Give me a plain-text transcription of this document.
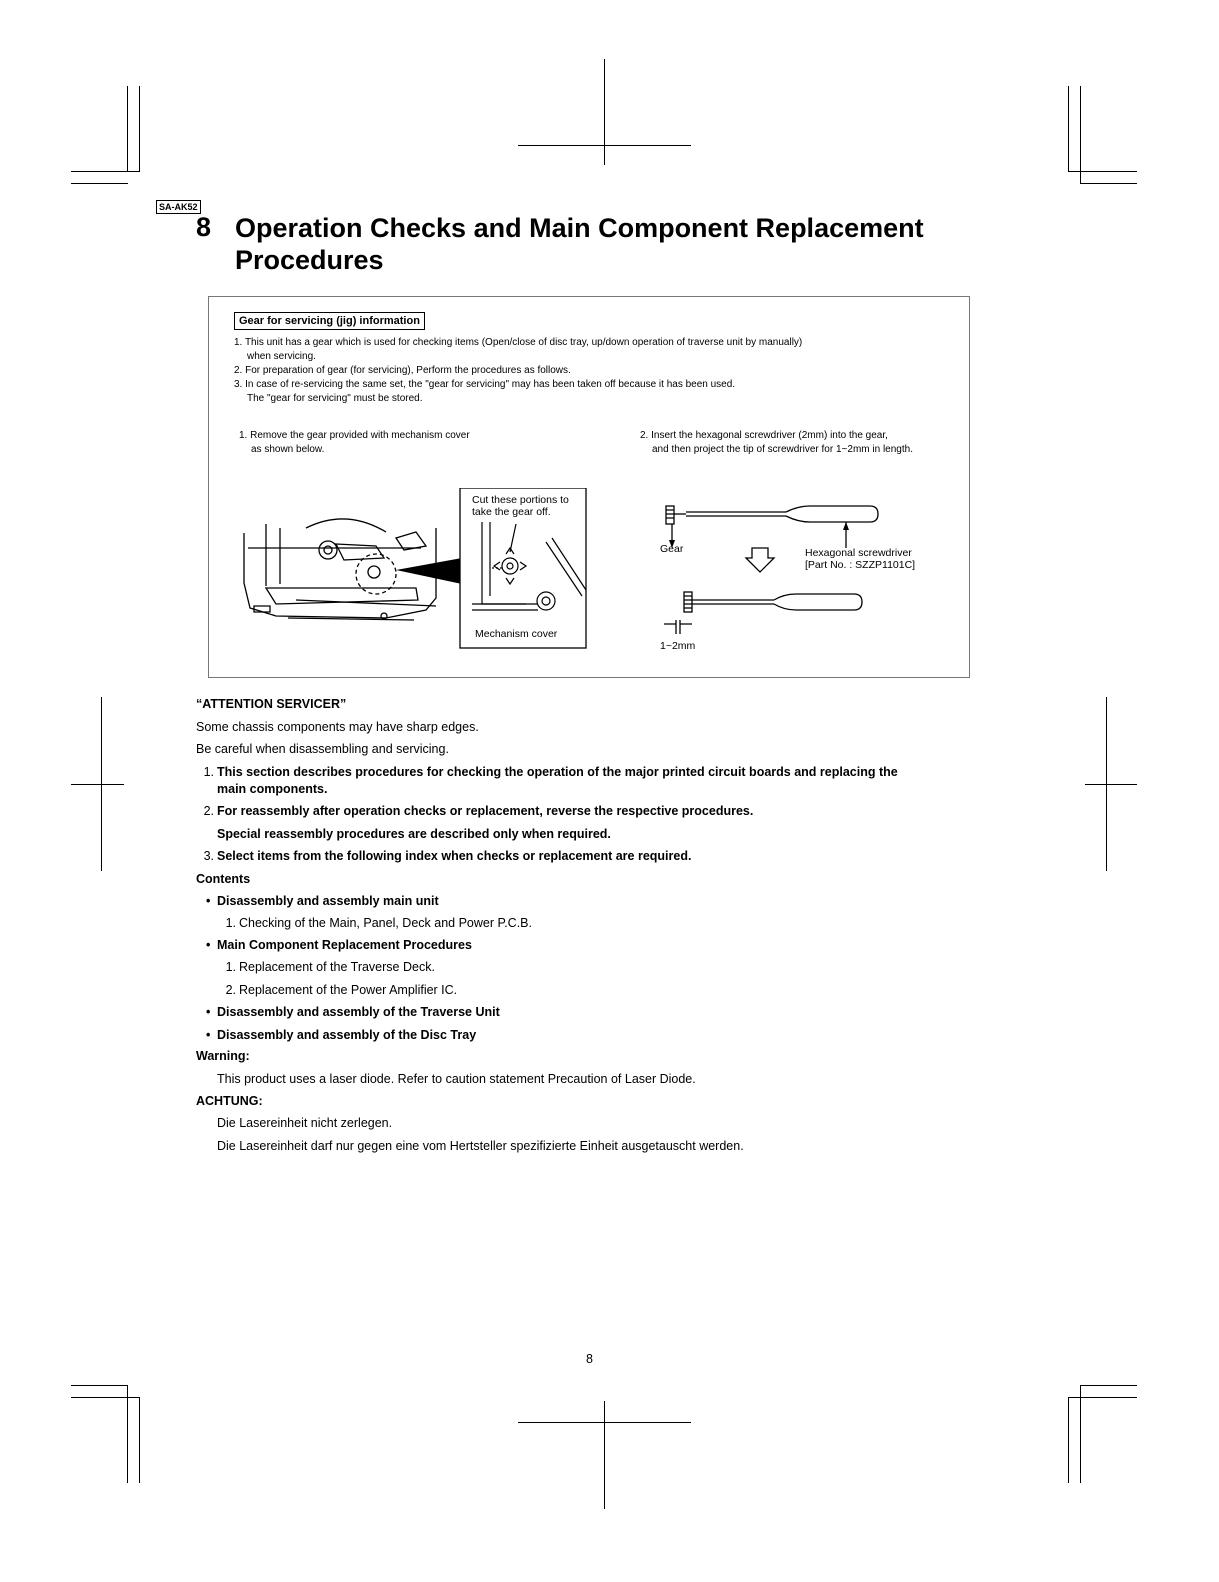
SA-AK52
8 Operation Checks and Main Component Replacement Procedures
Gear for servicing (jig) information
1. This unit has a gear which is used for checking items (Open/close of disc tray, up/down operation of traverse unit by manually)
when servicing.
2. For preparation of gear (for servicing), Perform the procedures as follows.
3. In case of re-servicing the same set, the "gear for servicing" may has been taken off because it has been used.
The "gear for servicing" must be stored.
1. Remove the gear provided with mechanism cover
as shown below.
2. Insert the hexagonal screwdriver (2mm) into the gear,
and then project the tip of screwdriver for 1~2mm in length.
Cut these portions to
take the gear off.
Mechanism cover
Gear	Hexagonal screwdriver
[Part No. : SZZP1101C]
1~2mm
“ATTENTION SERVICER”
Some chassis components may have sharp edges.
Be careful when disassembling and servicing.
1. This section describes procedures for checking the operation of the major printed circuit boards and replacing the
main components.
2. For reassembly after operation checks or replacement, reverse the respective procedures.
Special reassembly procedures are described only when required.
3. Select items from the following index when checks or replacement are required.
Contents
• Disassembly and assembly main unit
1. Checking of the Main, Panel, Deck and Power P.C.B.
• Main Component Replacement Procedures
1. Replacement of the Traverse Deck.
2. Replacement of the Power Amplifier IC.
• Disassembly and assembly of the Traverse Unit
• Disassembly and assembly of the Disc Tray
Warning:
This product uses a laser diode. Refer to caution statement Precaution of Laser Diode.
ACHTUNG:
Die Lasereinheit nicht zerlegen.
Die Lasereinheit darf nur gegen eine vom Hertsteller spezifizierte Einheit ausgetauscht werden.
8
